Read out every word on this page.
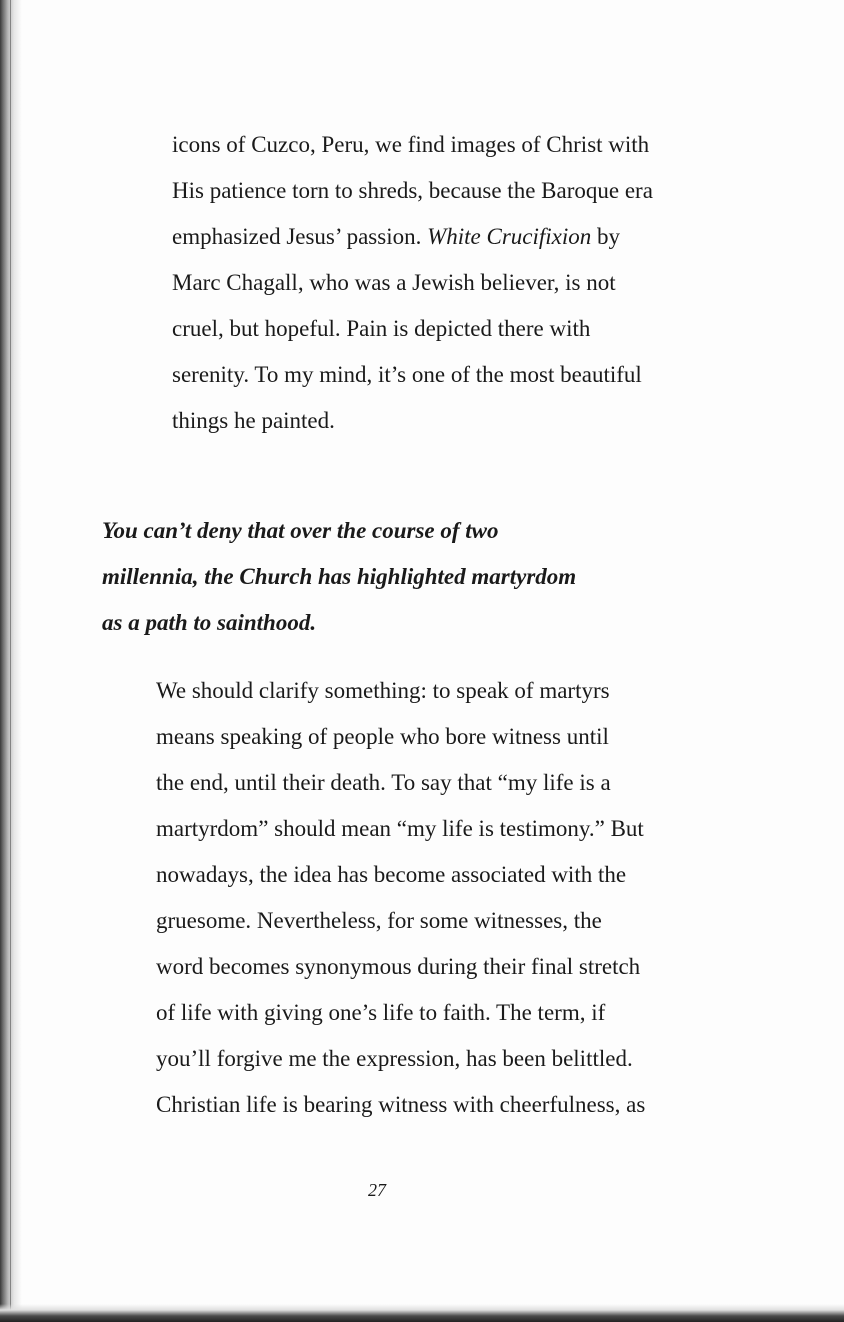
icons of Cuzco, Peru, we find images of Christ with
His patience torn to shreds, because the Baroque era
emphasized Jesus’ passion. White Crucifixion by
Marc Chagall, who was a Jewish believer, is not
cruel, but hopeful. Pain is depicted there with
serenity. To my mind, it’s one of the most beautiful
things he painted.
You can’t deny that over the course of two
millennia, the Church has highlighted martyrdom
as a path to sainthood.
We should clarify something: to speak of martyrs
means speaking of people who bore witness until
the end, until their death. To say that “my life is a
martyrdom” should mean “my life is testimony.” But
nowadays, the idea has become associated with the
gruesome. Nevertheless, for some witnesses, the
word becomes synonymous during their final stretch
of life with giving one’s life to faith. The term, if
you’ll forgive me the expression, has been belittled.
Christian life is bearing witness with cheerfulness, as
27
